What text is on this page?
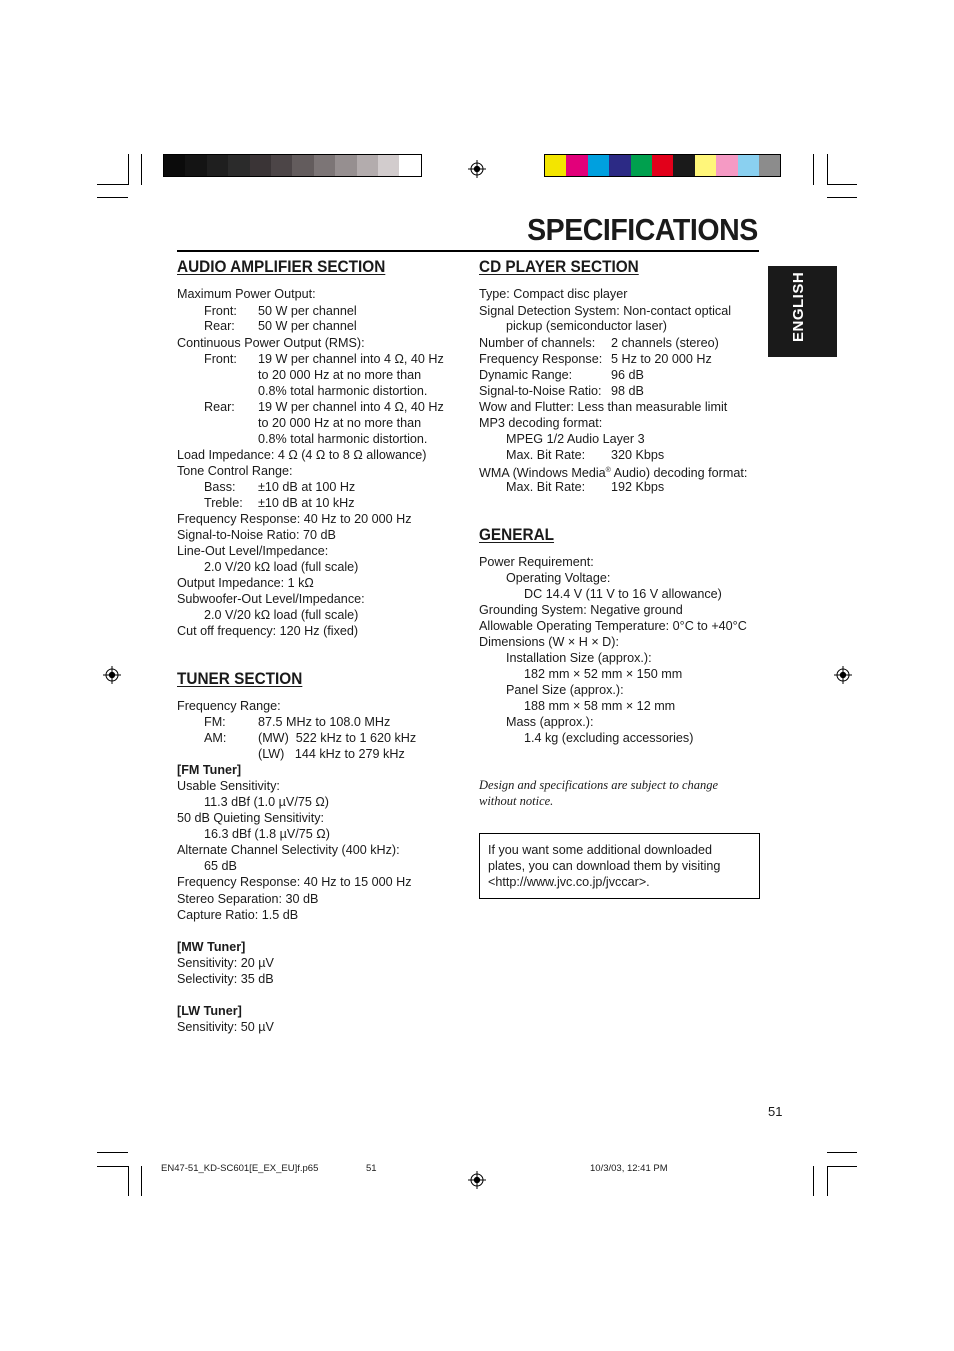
SPECIFICATIONS
ENGLISH
AUDIO AMPLIFIER SECTION
Maximum Power Output:
Front: 50 W per channel
Rear: 50 W per channel
Continuous Power Output (RMS):
Front: 19 W per channel into 4 Ω, 40 Hz
to 20 000 Hz at no more than
0.8% total harmonic distortion.
Rear: 19 W per channel into 4 Ω, 40 Hz
to 20 000 Hz at no more than
0.8% total harmonic distortion.
Load Impedance: 4 Ω (4 Ω to 8 Ω allowance)
Tone Control Range:
Bass: ±10 dB at 100 Hz
Treble: ±10 dB at 10 kHz
Frequency Response: 40 Hz to 20 000 Hz
Signal-to-Noise Ratio: 70 dB
Line-Out Level/Impedance:
2.0 V/20 kΩ load (full scale)
Output Impedance: 1 kΩ
Subwoofer-Out Level/Impedance:
2.0 V/20 kΩ load (full scale)
Cut off frequency: 120 Hz (fixed)
TUNER SECTION
Frequency Range:
FM:	87.5 MHz to 108.0 MHz
AM:	(MW)  522 kHz to 1 620 kHz
(LW)   144 kHz to 279 kHz
[FM Tuner]
Usable Sensitivity:
11.3 dBf (1.0 µV/75 Ω)
50 dB Quieting Sensitivity:
16.3 dBf (1.8 µV/75 Ω)
Alternate Channel Selectivity (400 kHz):
65 dB
Frequency Response: 40 Hz to 15 000 Hz
Stereo Separation: 30 dB
Capture Ratio: 1.5 dB
[MW Tuner]
Sensitivity: 20 µV
Selectivity: 35 dB
[LW Tuner]
Sensitivity: 50 µV
CD PLAYER SECTION
Type: Compact disc player
Signal Detection System: Non-contact optical
pickup (semiconductor laser)
Number of channels: 2 channels (stereo)
Frequency Response: 5 Hz to 20 000 Hz
Dynamic Range:	96 dB
Signal-to-Noise Ratio: 98 dB
Wow and Flutter: Less than measurable limit
MP3 decoding format:
MPEG 1/2 Audio Layer 3
Max. Bit Rate: 320 Kbps
WMA (Windows Media® Audio) decoding format:
Max. Bit Rate: 192 Kbps
GENERAL
Power Requirement:
Operating Voltage:
DC 14.4 V (11 V to 16 V allowance)
Grounding System: Negative ground
Allowable Operating Temperature: 0°C to +40°C
Dimensions (W × H × D):
Installation Size (approx.):
182 mm × 52 mm × 150 mm
Panel Size (approx.):
188 mm × 58 mm × 12 mm
Mass (approx.):
1.4 kg (excluding accessories)
Design and specifications are subject to change
without notice.
If you want some additional downloaded
plates, you can download them by visiting
<http://www.jvc.co.jp/jvccar>.
51
EN47-51_KD-SC601[E_EX_EU]f.p65	51	10/3/03, 12:41 PM
